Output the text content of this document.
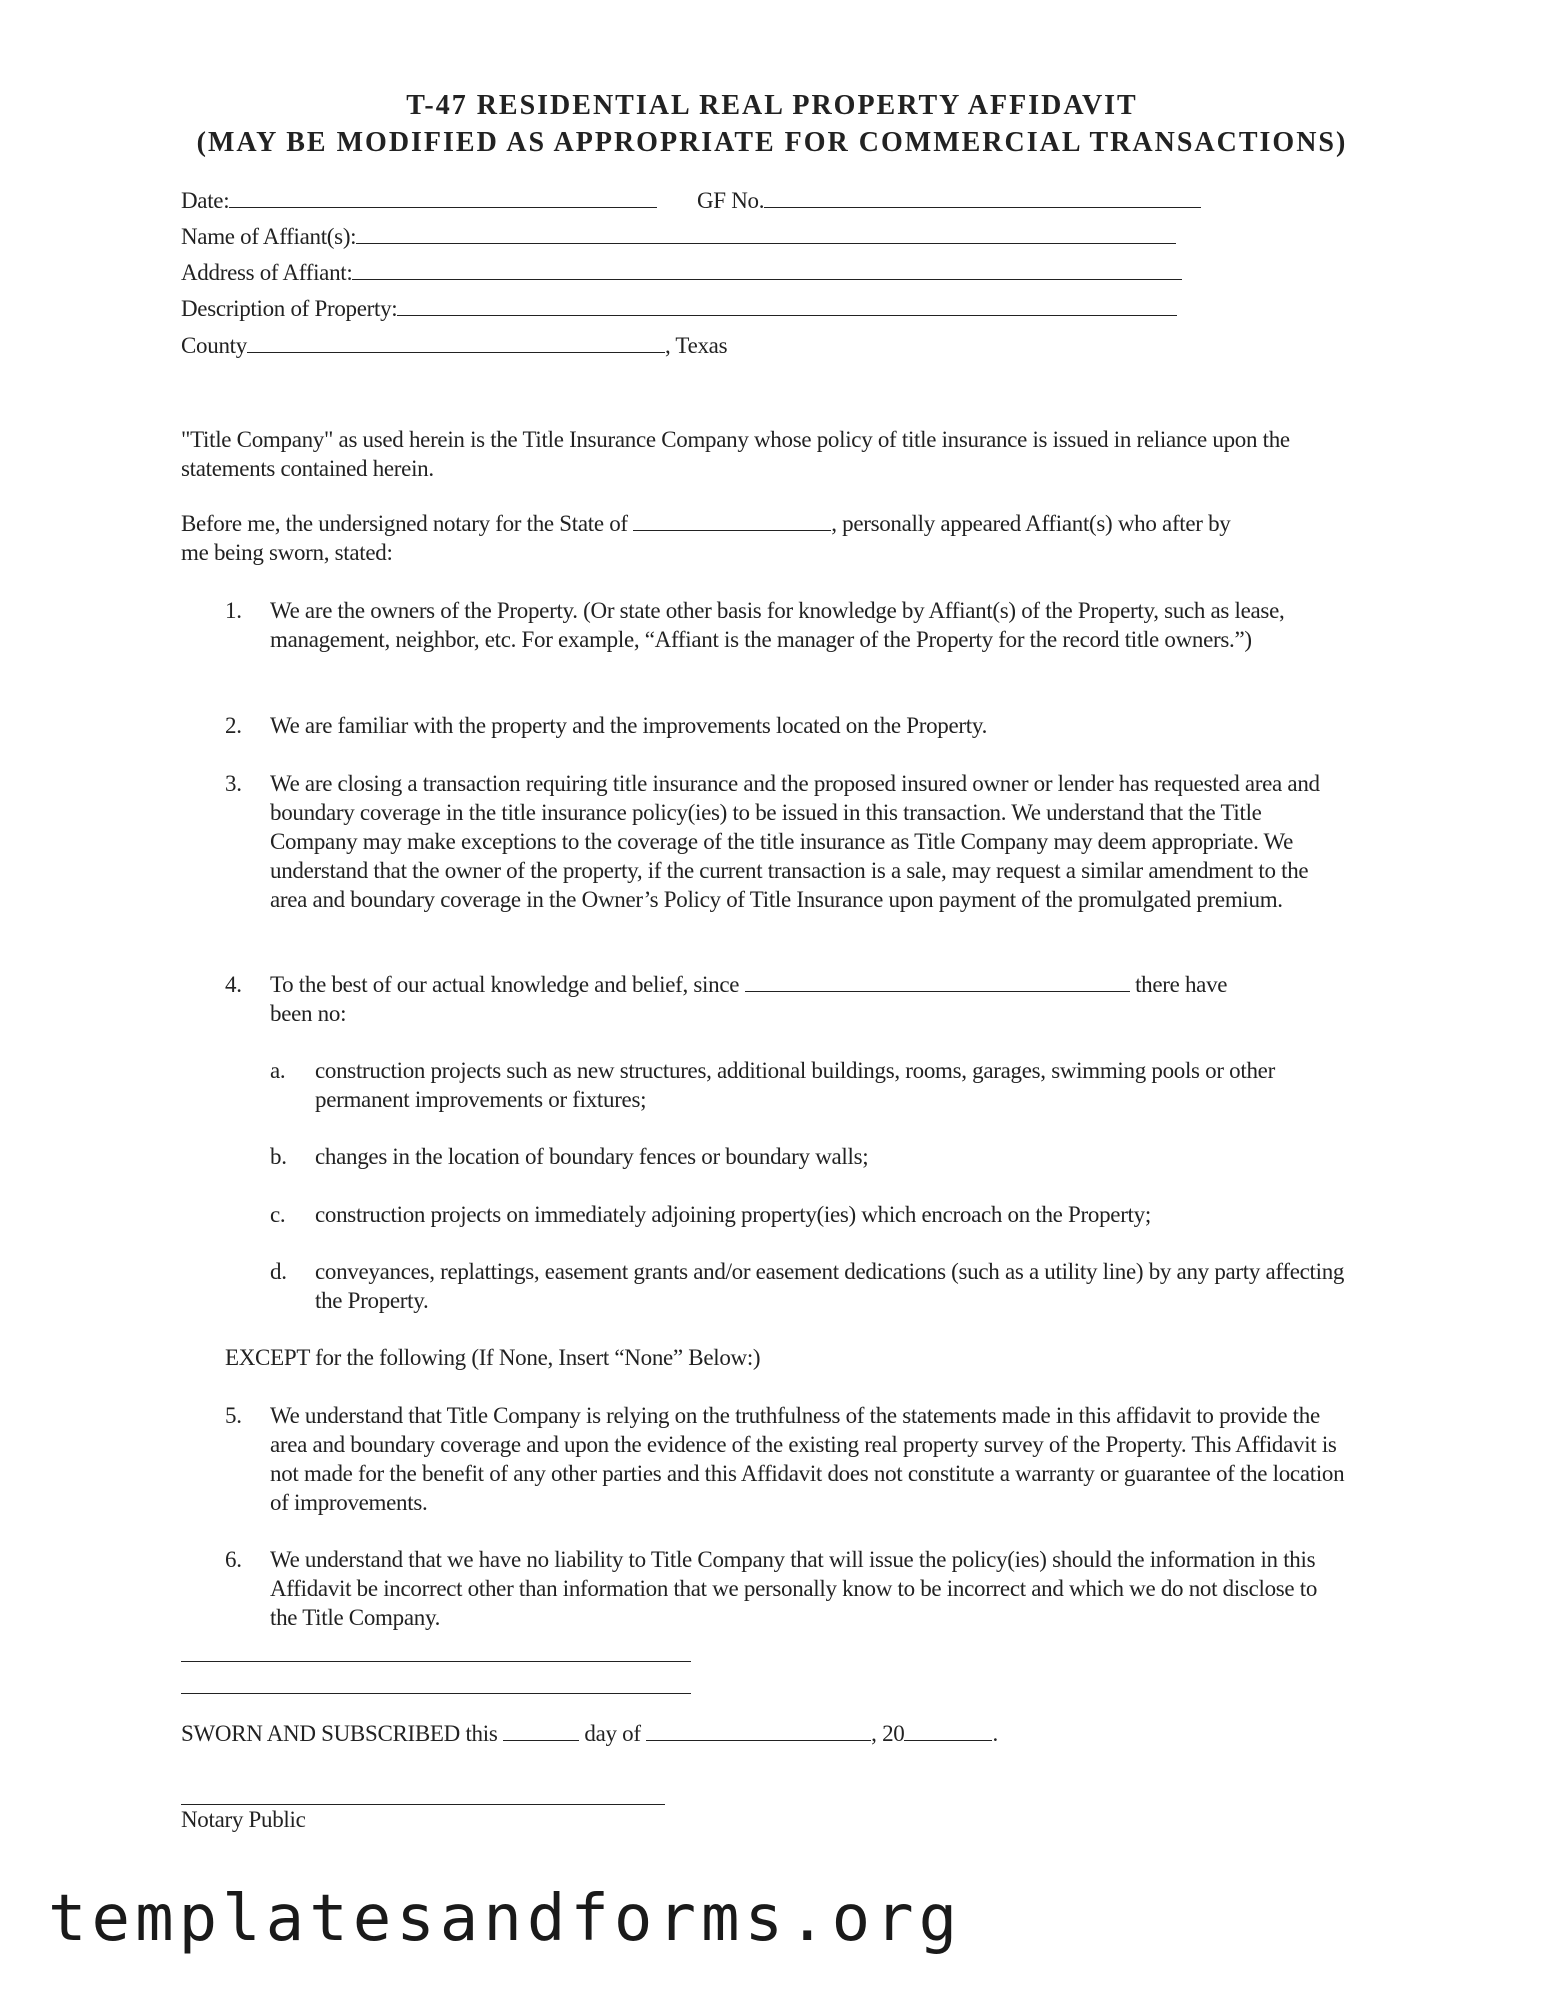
T-47 RESIDENTIAL REAL PROPERTY AFFIDAVIT
(MAY BE MODIFIED AS APPROPRIATE FOR COMMERCIAL TRANSACTIONS)
Date:	GF No.
Name of Affiant(s):
Address of Affiant:
Description of Property:
County	, Texas
"Title Company" as used herein is the Title Insurance Company whose policy of title insurance is issued in reliance upon the statements contained herein.
Before me, the undersigned notary for the State of	, personally appeared Affiant(s) who after by
me being sworn, stated:
1.	We are the owners of the Property. (Or state other basis for knowledge by Affiant(s) of the Property, such as lease, management, neighbor, etc. For example, “Affiant is the manager of the Property for the record title owners.”)
2.	We are familiar with the property and the improvements located on the Property.
3.	We are closing a transaction requiring title insurance and the proposed insured owner or lender has requested area and boundary coverage in the title insurance policy(ies) to be issued in this transaction. We understand that the Title Company may make exceptions to the coverage of the title insurance as Title Company may deem appropriate. We understand that the owner of the property, if the current transaction is a sale, may request a similar amendment to the area and boundary coverage in the Owner’s Policy of Title Insurance upon payment of the promulgated premium.
4.	To the best of our actual knowledge and belief, since	there have
been no:
a. construction projects such as new structures, additional buildings, rooms, garages, swimming pools or other permanent improvements or fixtures;
b. changes in the location of boundary fences or boundary walls;
c. construction projects on immediately adjoining property(ies) which encroach on the Property;
d. conveyances, replattings, easement grants and/or easement dedications (such as a utility line) by any party affecting the Property.
EXCEPT for the following (If None, Insert “None” Below:)
5.	We understand that Title Company is relying on the truthfulness of the statements made in this affidavit to provide the area and boundary coverage and upon the evidence of the existing real property survey of the Property. This Affidavit is not made for the benefit of any other parties and this Affidavit does not constitute a warranty or guarantee of the location of improvements.
6.	We understand that we have no liability to Title Company that will issue the policy(ies) should the information in this Affidavit be incorrect other than information that we personally know to be incorrect and which we do not disclose to the Title Company.
SWORN AND SUBSCRIBED this	day of	, 20	.
Notary Public
templatesandforms.org
